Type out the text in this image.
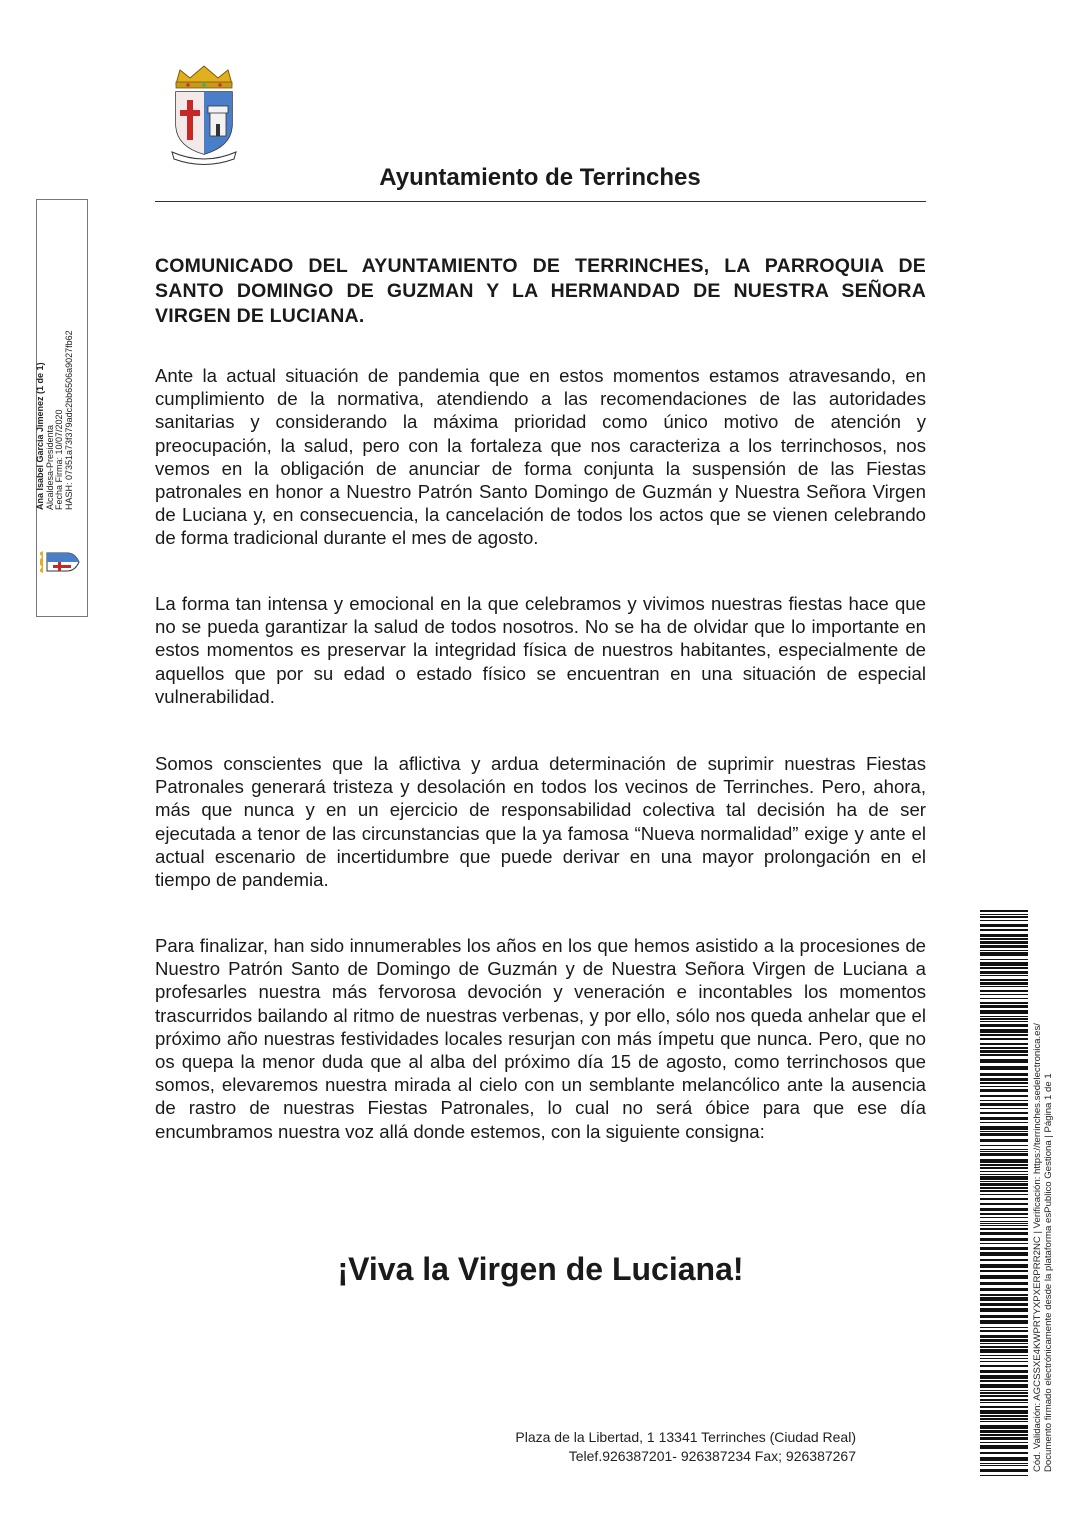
Ayuntamiento de Terrinches
Ana Isabel Garcia Jimenez (1 de 1) Alcaldesa-Presidenta Fecha Firma: 10/07/2020 HASH: 07351a73f379adc2bb6506a9027fb62
COMUNICADO DEL AYUNTAMIENTO DE TERRINCHES, LA PARROQUIA DE SANTO DOMINGO DE GUZMAN Y LA HERMANDAD DE NUESTRA SEÑORA VIRGEN DE LUCIANA.
Ante la actual situación de pandemia que en estos momentos estamos atravesando, en cumplimiento de la normativa, atendiendo a las recomendaciones de las autoridades sanitarias y considerando la máxima prioridad como único motivo de atención y preocupación, la salud, pero con la fortaleza que nos caracteriza a los terrinchosos, nos vemos en la obligación de anunciar de forma conjunta la suspensión de las Fiestas patronales en honor a Nuestro Patrón Santo Domingo de Guzmán y Nuestra Señora Virgen de Luciana y, en consecuencia, la cancelación de todos los actos que se vienen celebrando de forma tradicional durante el mes de agosto.
La forma tan intensa y emocional en la que celebramos y vivimos nuestras fiestas hace que no se pueda garantizar la salud de todos nosotros. No se ha de olvidar que lo importante en estos momentos es preservar la integridad física de nuestros habitantes, especialmente de aquellos que por su edad o estado físico se encuentran en una situación de especial vulnerabilidad.
Somos conscientes que la aflictiva y ardua determinación de suprimir nuestras Fiestas Patronales generará tristeza y desolación en todos los vecinos de Terrinches. Pero, ahora, más que nunca y en un ejercicio de responsabilidad colectiva tal decisión ha de ser ejecutada a tenor de las circunstancias que la ya famosa “Nueva normalidad” exige y ante el actual escenario de incertidumbre que puede derivar en una mayor prolongación en el tiempo de pandemia.
Para finalizar, han sido innumerables los años en los que hemos asistido a la procesiones de Nuestro Patrón Santo de Domingo de Guzmán y de Nuestra Señora Virgen de Luciana a profesarles nuestra más fervorosa devoción y veneración e incontables los momentos trascurridos bailando al ritmo de nuestras verbenas, y por ello, sólo nos queda anhelar que el próximo año nuestras festividades locales resurjan con más ímpetu que nunca. Pero, que no os quepa la menor duda que al alba del próximo día 15 de agosto, como terrinchosos que somos, elevaremos nuestra mirada al cielo con un semblante melancólico ante la ausencia de rastro de nuestras Fiestas Patronales, lo cual no será óbice para que ese día encumbramos nuestra voz allá donde estemos, con la siguiente consigna:
¡Viva la Virgen de Luciana!
Plaza de la Libertad, 1 13341 Terrinches (Ciudad Real)
Telef.926387201- 926387234 Fax; 926387267	Cód. Validación: AGCSSXE4KWPRTYXPXERPRR2NC | Verificación: https://terrinches.sedelectronica.es/ Documento firmado electrónicamente desde la plataforma esPublico Gestiona | Página 1 de 1
